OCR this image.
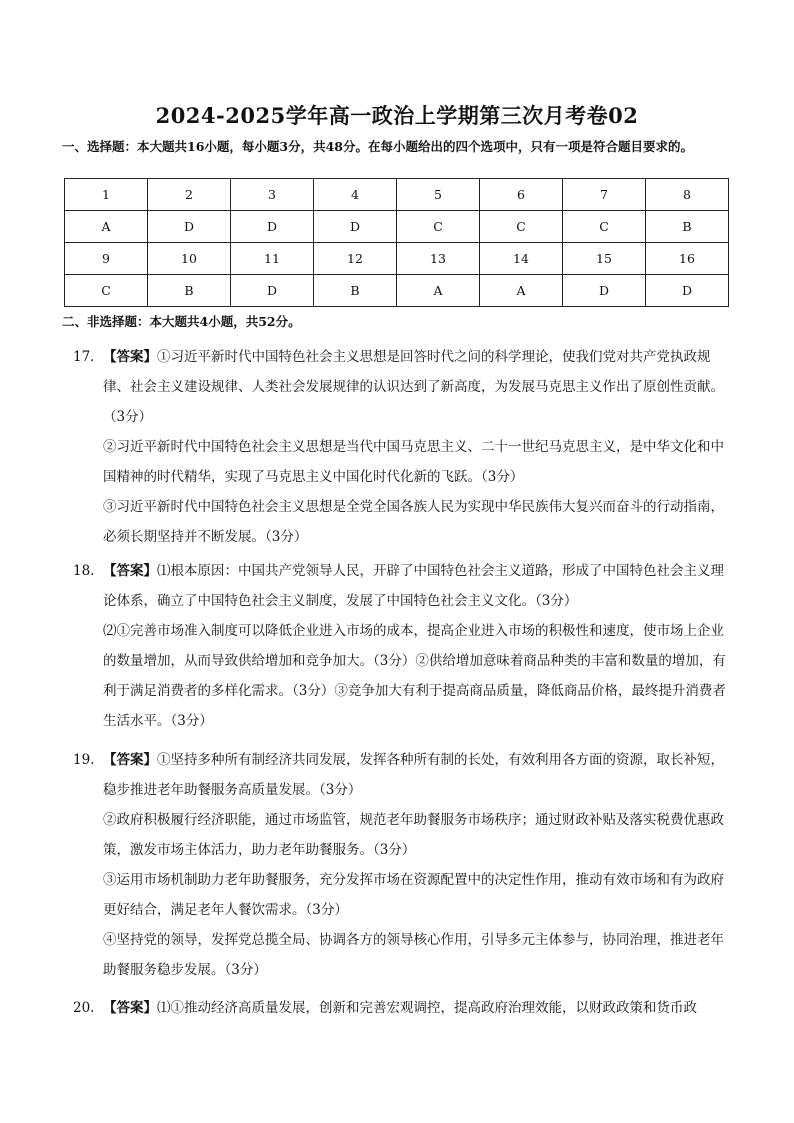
2024-2025学年高一政治上学期第三次月考卷02
一、选择题：本大题共16小题，每小题3分，共48分。在每小题给出的四个选项中，只有一项是符合题目要求的。
1	2	3	4	5	6	7	8
A	D	D	D	C	C	C	B
9	10	11	12	13	14	15	16
C	B	D	B	A	A	D	D
二、非选择题：本大题共4小题，共52分。
17． 【答案】①习近平新时代中国特色社会主义思想是回答时代之问的科学理论，使我们党对共产党执政规律、社会主义建设规律、人类社会发展规律的认识达到了新高度，为发展马克思主义作出了原创性贡献。（3分）
②习近平新时代中国特色社会主义思想是当代中国马克思主义、二十一世纪马克思主义，是中华文化和中国精神的时代精华，实现了马克思主义中国化时代化新的飞跃。（3分）
③习近平新时代中国特色社会主义思想是全党全国各族人民为实现中华民族伟大复兴而奋斗的行动指南，必须长期坚持并不断发展。（3分）
18. 【答案】⑴根本原因：中国共产党领导人民，开辟了中国特色社会主义道路，形成了中国特色社会主义理论体系，确立了中国特色社会主义制度，发展了中国特色社会主义文化。（3分）
⑵①完善市场准入制度可以降低企业进入市场的成本，提高企业进入市场的积极性和速度，使市场上企业的数量增加，从而导致供给增加和竞争加大。（3分）②供给增加意味着商品种类的丰富和数量的增加，有利于满足消费者的多样化需求。（3分）③竞争加大有利于提高商品质量，降低商品价格，最终提升消费者生活水平。（3分）
19. 【答案】①坚持多种所有制经济共同发展，发挥各种所有制的长处，有效利用各方面的资源，取长补短，稳步推进老年助餐服务高质量发展。（3分）
②政府积极履行经济职能，通过市场监管，规范老年助餐服务市场秩序；通过财政补贴及落实税费优惠政策，激发市场主体活力，助力老年助餐服务。（3分）
③运用市场机制助力老年助餐服务，充分发挥市场在资源配置中的决定性作用，推动有效市场和有为政府更好结合，满足老年人餐饮需求。（3分）
④坚持党的领导，发挥党总揽全局、协调各方的领导核心作用，引导多元主体参与，协同治理，推进老年助餐服务稳步发展。（3分）
20. 【答案】⑴①推动经济高质量发展，创新和完善宏观调控，提高政府治理效能，以财政政策和货币政
